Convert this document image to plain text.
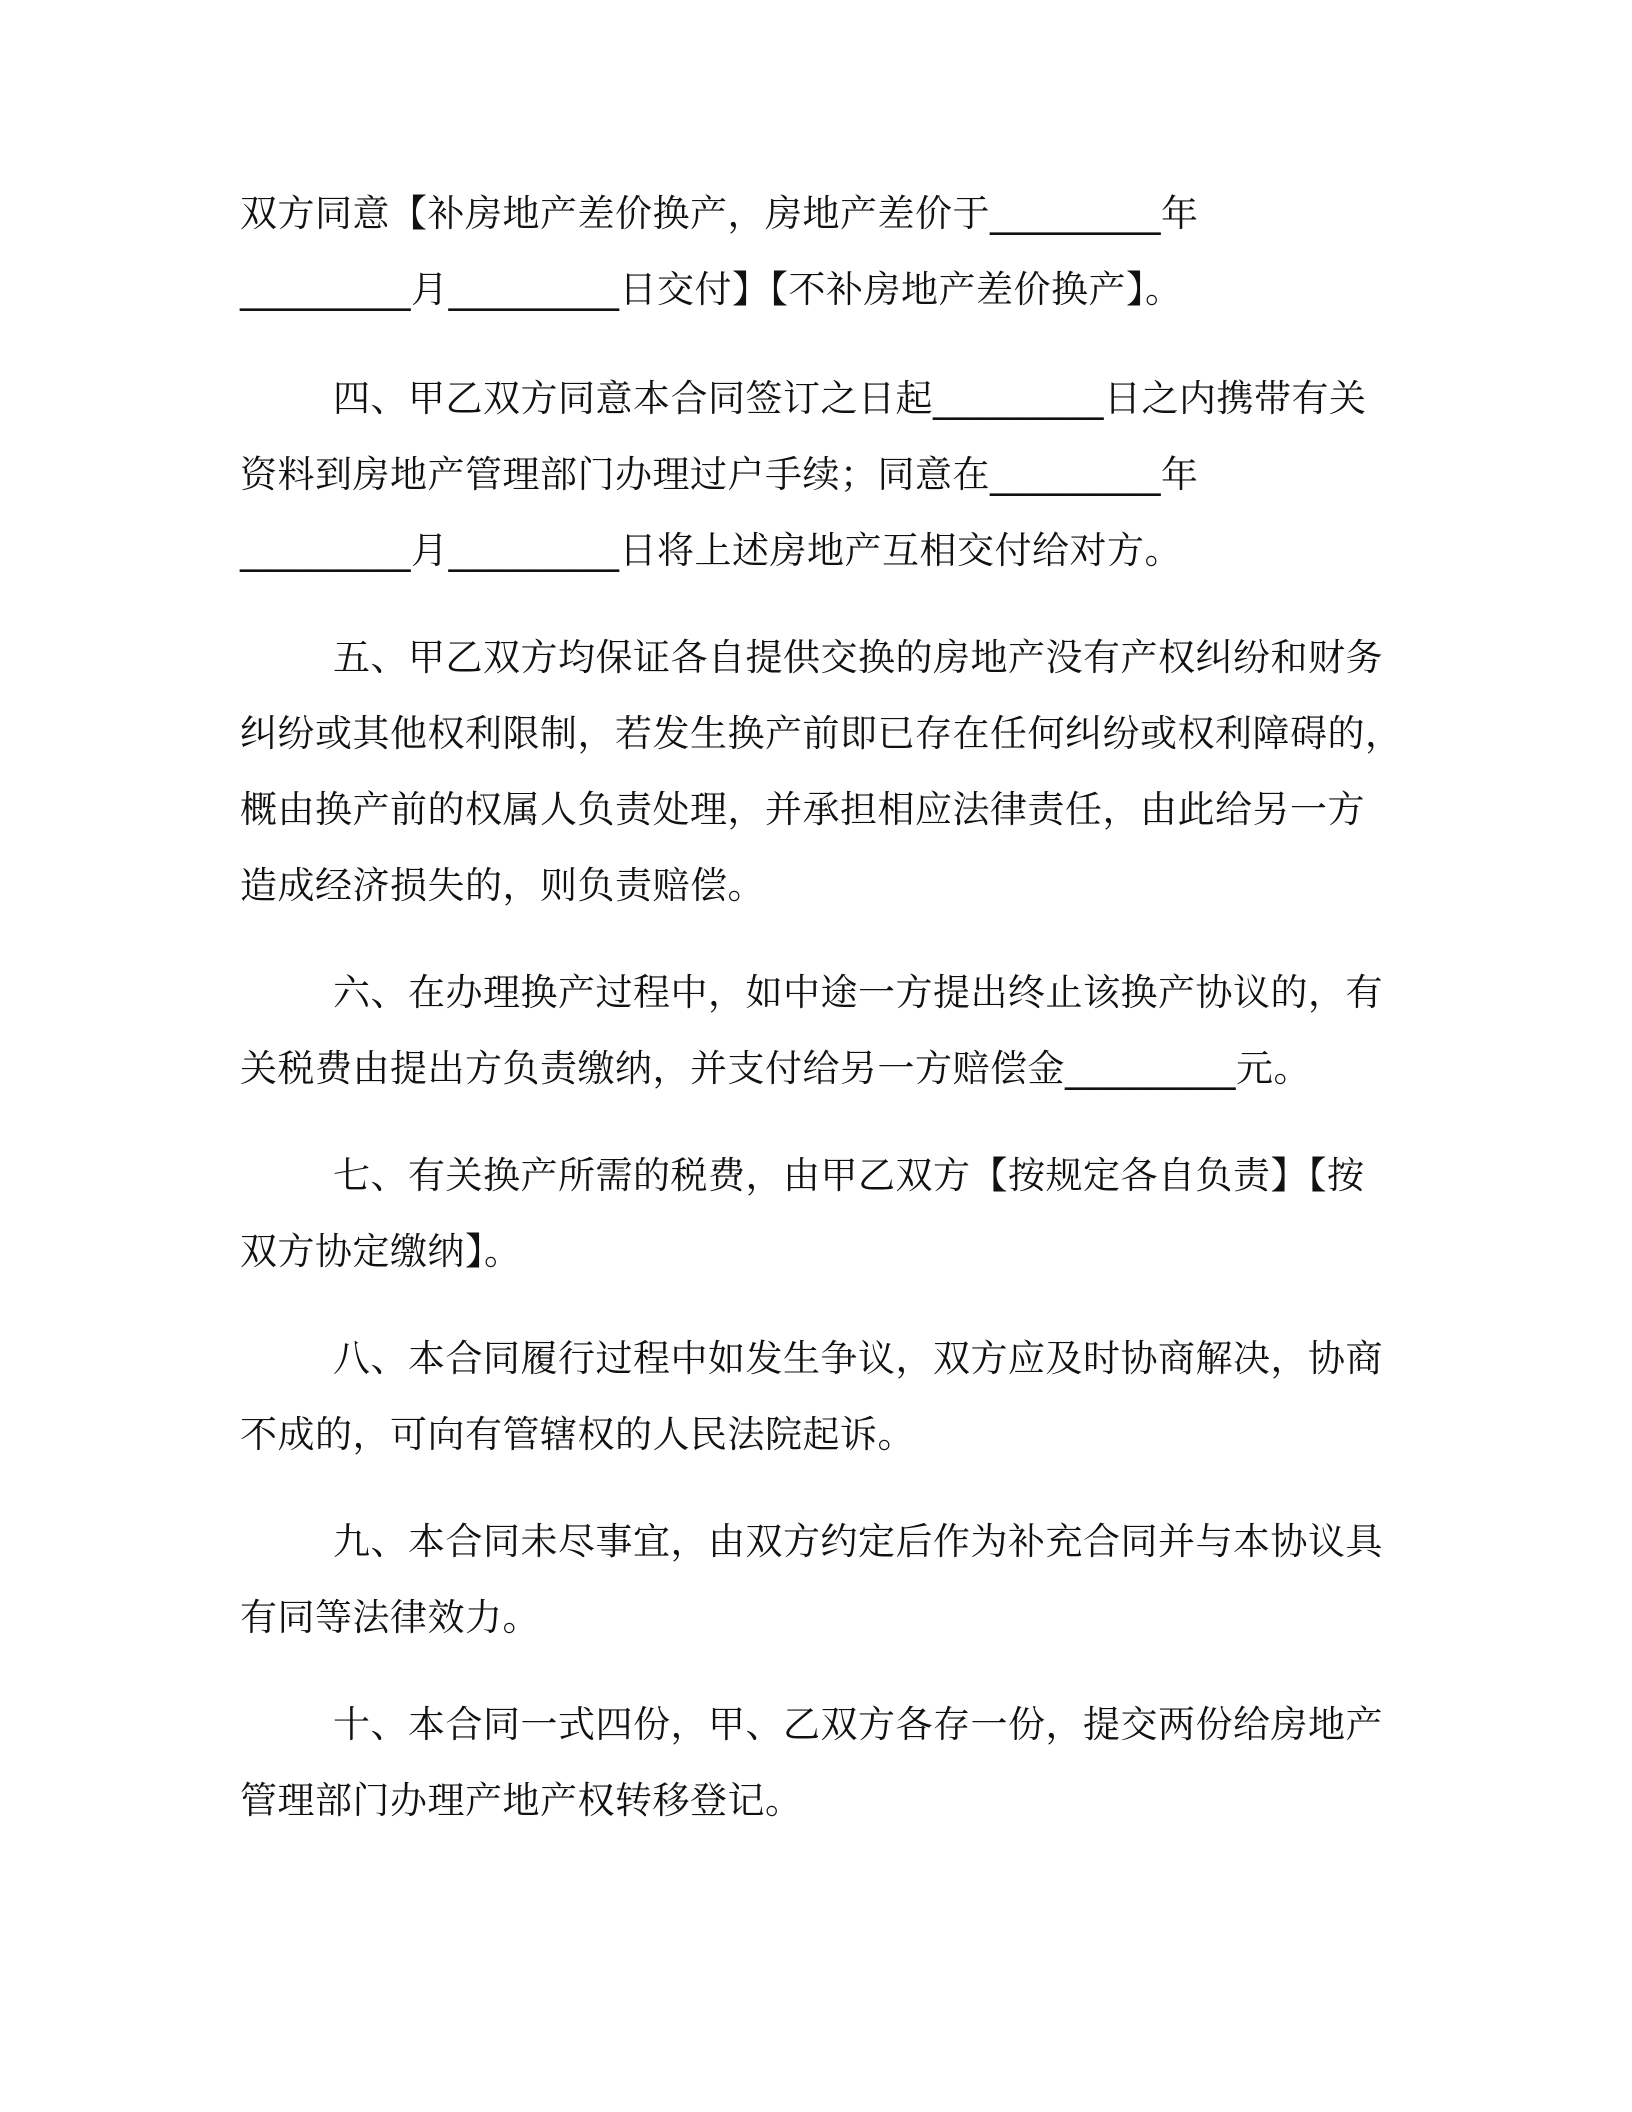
双方同意【补房地产差价换产，房地产差价于_________年
_________月_________日交付】【不补房地产差价换产】。
四、甲乙双方同意本合同签订之日起_________日之内携带有关
资料到房地产管理部门办理过户手续；同意在_________年
_________月_________日将上述房地产互相交付给对方。
五、甲乙双方均保证各自提供交换的房地产没有产权纠纷和财务
纠纷或其他权利限制，若发生换产前即已存在任何纠纷或权利障碍的，
概由换产前的权属人负责处理，并承担相应法律责任，由此给另一方
造成经济损失的，则负责赔偿。
六、在办理换产过程中，如中途一方提出终止该换产协议的，有
关税费由提出方负责缴纳，并支付给另一方赔偿金_________元。
七、有关换产所需的税费，由甲乙双方【按规定各自负责】【按
双方协定缴纳】。
八、本合同履行过程中如发生争议，双方应及时协商解决，协商
不成的，可向有管辖权的人民法院起诉。
九、本合同未尽事宜，由双方约定后作为补充合同并与本协议具
有同等法律效力。
十、本合同一式四份，甲、乙双方各存一份，提交两份给房地产
管理部门办理产地产权转移登记。
